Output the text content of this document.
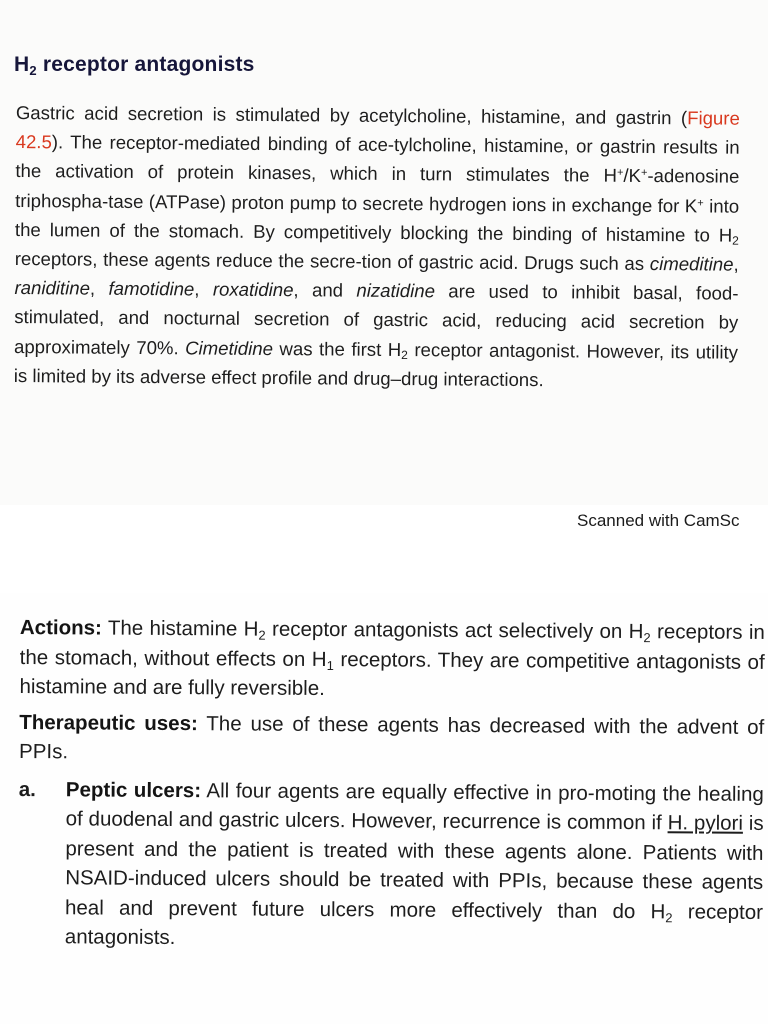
$H_2$ receptor antagonists

Gastric acid secretion is stimulated by acetylcholine, histamine, and gastrin (Figure 42.5). The receptor-mediated binding of ace-tylcholine, histamine, or gastrin results in the activation of protein kinases, which in turn stimulates the H+/K+-adenosine triphospha-tase (ATPase) proton pump to secrete hydrogen ions in exchange for K+ into the lumen of the stomach. By competitively blocking the binding of histamine to $H_2$ receptors, these agents reduce the secre-tion of gastric acid. Drugs such as cimeditine, raniditine, famotidine, roxatidine, and nizatidine are used to inhibit basal, food-stimulated, and nocturnal secretion of gastric acid, reducing acid secretion by approximately 70%. Cimetidine was the first $H_2$ receptor antagonist. However, its utility is limited by its adverse effect profile and drug–drug interactions.

Scanned with CamSc

Actions: The histamine $H_2$ receptor antagonists act selectively on $H_2$ receptors in the stomach, without effects on $H_1$ receptors. They are competitive antagonists of histamine and are fully reversible.

Therapeutic uses: The use of these agents has decreased with the advent of PPIs.

a.	Peptic ulcers: All four agents are equally effective in pro-moting the healing of duodenal and gastric ulcers. However, recurrence is common if H. pylori is present and the patient is treated with these agents alone. Patients with NSAID-induced ulcers should be treated with PPIs, because these agents heal and prevent future ulcers more effectively than do $H_2$ receptor antagonists.
